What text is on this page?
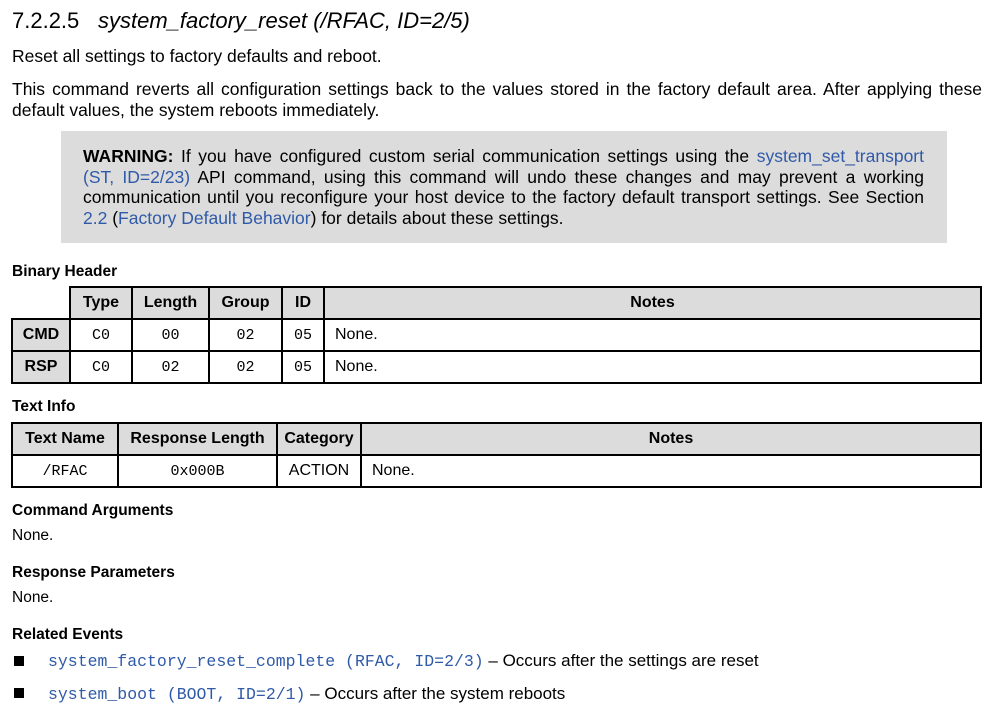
7.2.2.5 system_factory_reset (/RFAC, ID=2/5)
Reset all settings to factory defaults and reboot.
This command reverts all configuration settings back to the values stored in the factory default area. After applying these default values, the system reboots immediately.
WARNING: If you have configured custom serial communication settings using the system_set_transport (ST, ID=2/23) API command, using this command will undo these changes and may prevent a working communication until you reconfigure your host device to the factory default transport settings. See Section 2.2 (Factory Default Behavior) for details about these settings.
Binary Header
	Type	Length	Group	ID	Notes
CMD	C0	00	02	05	None.
RSP	C0	02	02	05	None.
Text Info
Text Name	Response Length	Category	Notes
/RFAC	0x000B	ACTION	None.
Command Arguments
None.
Response Parameters
None.
Related Events
system_factory_reset_complete (RFAC, ID=2/3) – Occurs after the settings are reset
system_boot (BOOT, ID=2/1) – Occurs after the system reboots
